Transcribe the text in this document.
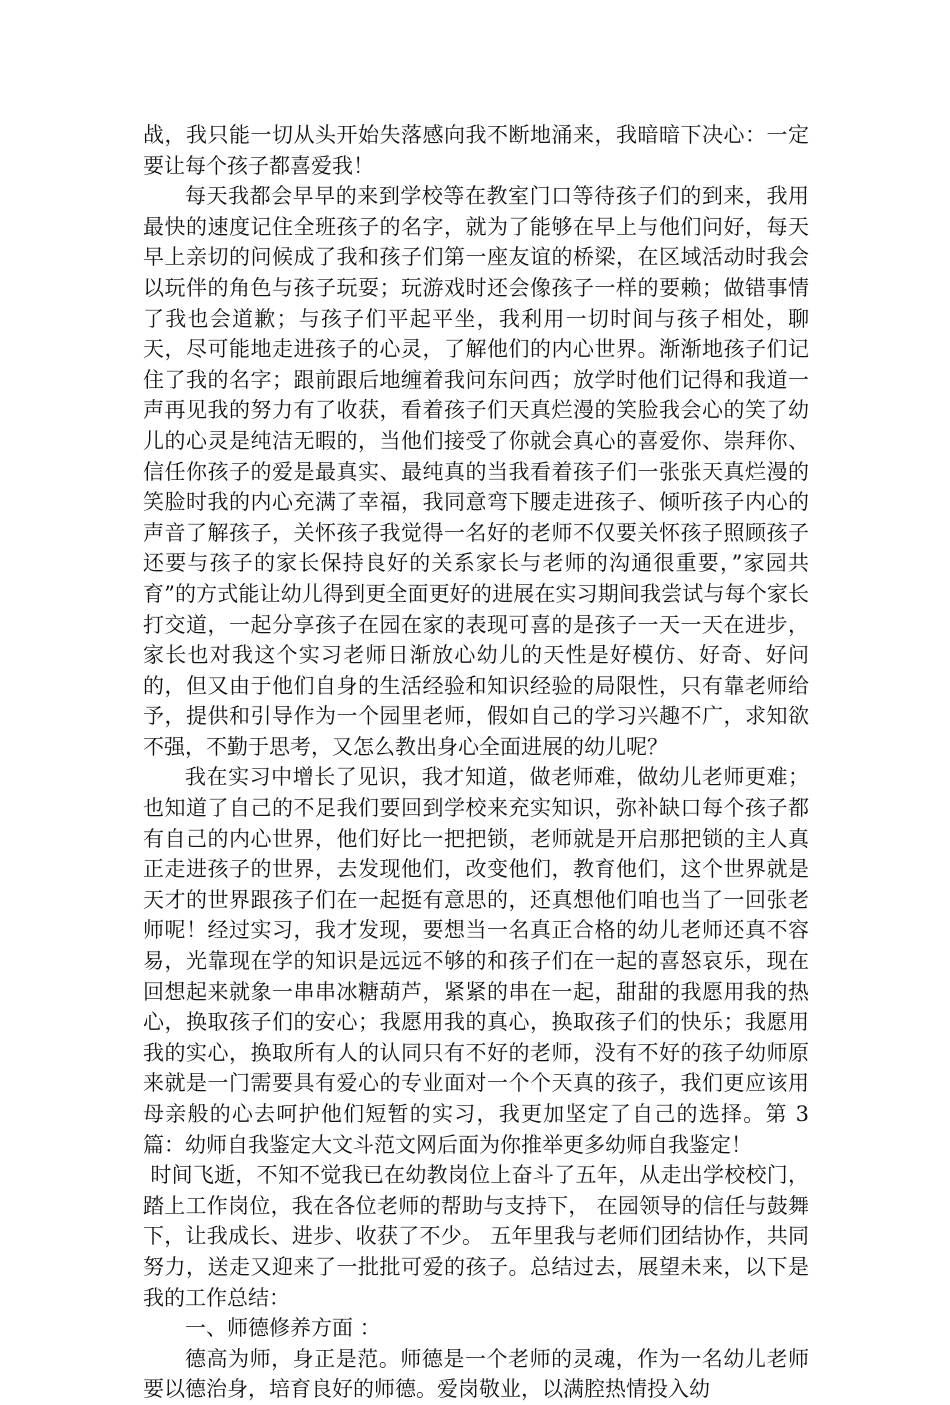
战，我只能一切从头开始失落感向我不断地涌来，我暗暗下决心：一定要让每个孩子都喜爱我！

每天我都会早早的来到学校等在教室门口等待孩子们的到来，我用最快的速度记住全班孩子的名字，就为了能够在早上与他们问好，每天早上亲切的问候成了我和孩子们第一座友谊的桥梁，在区域活动时我会以玩伴的角色与孩子玩耍；玩游戏时还会像孩子一样的要赖；做错事情了我也会道歉；与孩子们平起平坐，我利用一切时间与孩子相处，聊天，尽可能地走进孩子的心灵，了解他们的内心世界。渐渐地孩子们记住了我的名字；跟前跟后地缠着我问东问西；放学时他们记得和我道一声再见我的努力有了收获，看着孩子们天真烂漫的笑脸我会心的笑了幼儿的心灵是纯洁无暇的，当他们接受了你就会真心的喜爱你、崇拜你、信任你孩子的爱是最真实、最纯真的当我看着孩子们一张张天真烂漫的笑脸时我的内心充满了幸福，我同意弯下腰走进孩子、倾听孩子内心的声音了解孩子，关怀孩子我觉得一名好的老师不仅要关怀孩子照顾孩子还要与孩子的家长保持良好的关系家长与老师的沟通很重要，”家园共育”的方式能让幼儿得到更全面更好的进展在实习期间我尝试与每个家长打交道，一起分享孩子在园在家的表现可喜的是孩子一天一天在进步，家长也对我这个实习老师日渐放心幼儿的天性是好模仿、好奇、好问的，但又由于他们自身的生活经验和知识经验的局限性，只有靠老师给予，提供和引导作为一个园里老师，假如自己的学习兴趣不广，求知欲不强，不勤于思考，又怎么教出身心全面进展的幼儿呢？

我在实习中增长了见识，我才知道，做老师难，做幼儿老师更难；也知道了自己的不足我们要回到学校来充实知识，弥补缺口每个孩子都有自己的内心世界，他们好比一把把锁，老师就是开启那把锁的主人真正走进孩子的世界，去发现他们，改变他们，教育他们，这个世界就是天才的世界跟孩子们在一起挺有意思的，还真想他们咱也当了一回张老师呢！经过实习，我才发现，要想当一名真正合格的幼儿老师还真不容易，光靠现在学的知识是远远不够的和孩子们在一起的喜怒哀乐，现在回想起来就象一串串冰糖葫芦，紧紧的串在一起，甜甜的我愿用我的热心，换取孩子们的安心；我愿用我的真心，换取孩子们的快乐；我愿用我的实心，换取所有人的认同只有不好的老师，没有不好的孩子幼师原来就是一门需要具有爱心的专业面对一个个天真的孩子，我们更应该用母亲般的心去呵护他们短暂的实习，我更加坚定了自己的选择。第 3 篇：幼师自我鉴定大文斗范文网后面为你推举更多幼师自我鉴定！

时间飞逝，不知不觉我已在幼教岗位上奋斗了五年，从走出学校校门，踏上工作岗位，我在各位老师的帮助与支持下， 在园领导的信任与鼓舞下，让我成长、进步、收获了不少。 五年里我与老师们团结协作，共同努力，送走又迎来了一批批可爱的孩子。总结过去，展望未来，以下是我的工作总结：

一、师德修养方面 ：

德高为师，身正是范。师德是一个老师的灵魂，作为一名幼儿老师要以德治身，培育良好的师德。爱岗敬业，以满腔热情投入幼
